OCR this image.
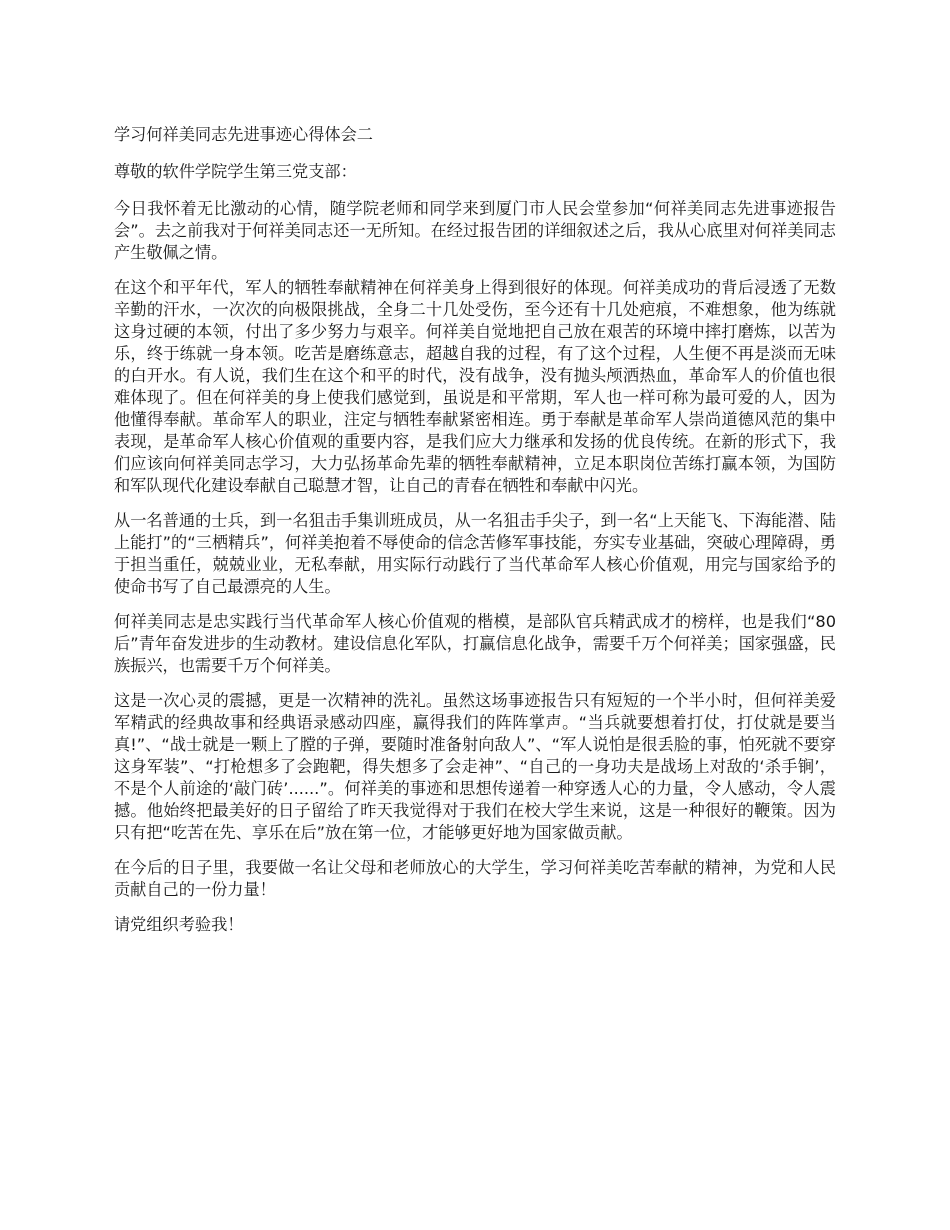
学习何祥美同志先进事迹心得体会二

尊敬的软件学院学生第三党支部：

今日我怀着无比激动的心情，随学院老师和同学来到厦门市人民会堂参加“何祥美同志先进事迹报告会”。去之前我对于何祥美同志还一无所知。在经过报告团的详细叙述之后，我从心底里对何祥美同志产生敬佩之情。

在这个和平年代，军人的牺牲奉献精神在何祥美身上得到很好的体现。何祥美成功的背后浸透了无数辛勤的汗水，一次次的向极限挑战，全身二十几处受伤，至今还有十几处疤痕，不难想象，他为练就这身过硬的本领，付出了多少努力与艰辛。何祥美自觉地把自己放在艰苦的环境中摔打磨炼，以苦为乐，终于练就一身本领。吃苦是磨练意志，超越自我的过程，有了这个过程，人生便不再是淡而无味的白开水。有人说，我们生在这个和平的时代，没有战争，没有抛头颅洒热血，革命军人的价值也很难体现了。但在何祥美的身上使我们感觉到，虽说是和平常期，军人也一样可称为最可爱的人，因为他懂得奉献。革命军人的职业，注定与牺牲奉献紧密相连。勇于奉献是革命军人崇尚道德风范的集中表现，是革命军人核心价值观的重要内容，是我们应大力继承和发扬的优良传统。在新的形式下，我们应该向何祥美同志学习，大力弘扬革命先辈的牺牲奉献精神，立足本职岗位苦练打赢本领，为国防和军队现代化建设奉献自己聪慧才智，让自己的青春在牺牲和奉献中闪光。

从一名普通的士兵，到一名狙击手集训班成员，从一名狙击手尖子，到一名“上天能飞、下海能潜、陆上能打”的“三栖精兵”，何祥美抱着不辱使命的信念苦修军事技能，夯实专业基础，突破心理障碍，勇于担当重任，兢兢业业，无私奉献，用实际行动践行了当代革命军人核心价值观，用完与国家给予的使命书写了自己最漂亮的人生。

何祥美同志是忠实践行当代革命军人核心价值观的楷模，是部队官兵精武成才的榜样，也是我们“80后”青年奋发进步的生动教材。建设信息化军队，打赢信息化战争，需要千万个何祥美；国家强盛，民族振兴，也需要千万个何祥美。

这是一次心灵的震撼，更是一次精神的洗礼。虽然这场事迹报告只有短短的一个半小时，但何祥美爱军精武的经典故事和经典语录感动四座，赢得我们的阵阵掌声。“当兵就要想着打仗，打仗就是要当真!”、“战士就是一颗上了膛的子弹，要随时准备射向敌人”、“军人说怕是很丢脸的事，怕死就不要穿这身军装”、“打枪想多了会跑靶，得失想多了会走神”、“自己的一身功夫是战场上对敌的‘杀手锏’，不是个人前途的‘敲门砖’......”。何祥美的事迹和思想传递着一种穿透人心的力量，令人感动，令人震撼。他始终把最美好的日子留给了昨天我觉得对于我们在校大学生来说，这是一种很好的鞭策。因为只有把“吃苦在先、享乐在后”放在第一位，才能够更好地为国家做贡献。

在今后的日子里，我要做一名让父母和老师放心的大学生，学习何祥美吃苦奉献的精神，为党和人民贡献自己的一份力量！

请党组织考验我！
